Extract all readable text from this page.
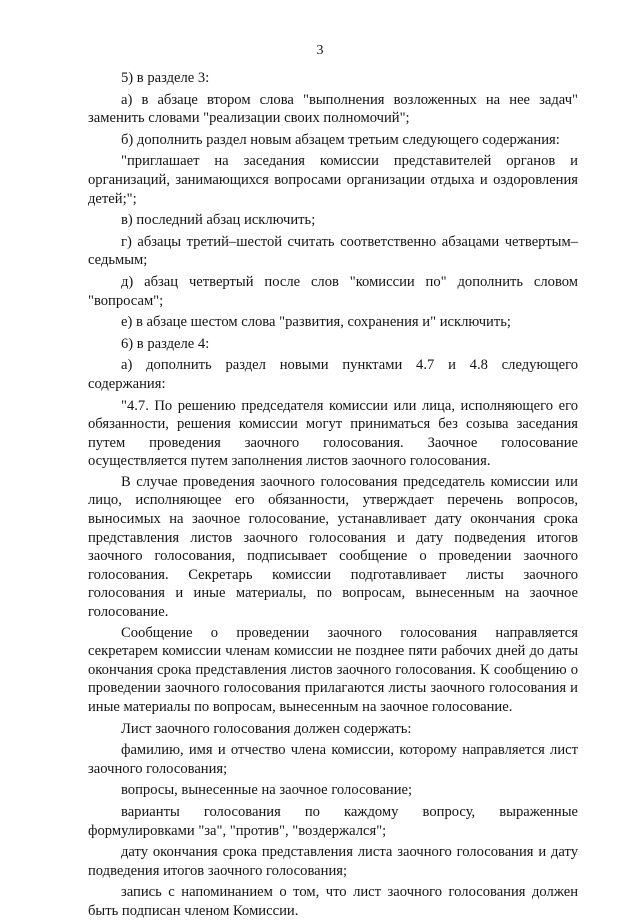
3

5) в разделе 3:

а) в абзаце втором слова "выполнения возложенных на нее задач" заменить словами "реализации своих полномочий";

б) дополнить раздел новым абзацем третьим следующего содержания:

"приглашает на заседания комиссии представителей органов и организаций, занимающихся вопросами организации отдыха и оздоровления детей;";

в) последний абзац исключить;

г) абзацы третий–шестой считать соответственно абзацами четвертым–седьмым;

д) абзац четвертый после слов "комиссии по" дополнить словом "вопросам";

е) в абзаце шестом слова "развития, сохранения и" исключить;

6) в разделе 4:

а) дополнить раздел новыми пунктами 4.7 и 4.8 следующего содержания:

"4.7. По решению председателя комиссии или лица, исполняющего его обязанности, решения комиссии могут приниматься без созыва заседания путем проведения заочного голосования. Заочное голосование осуществляется путем заполнения листов заочного голосования.

В случае проведения заочного голосования председатель комиссии или лицо, исполняющее его обязанности, утверждает перечень вопросов, выносимых на заочное голосование, устанавливает дату окончания срока представления листов заочного голосования и дату подведения итогов заочного голосования, подписывает сообщение о проведении заочного голосования. Секретарь комиссии подготавливает листы заочного голосования и иные материалы, по вопросам, вынесенным на заочное голосование.

Сообщение о проведении заочного голосования направляется секретарем комиссии членам комиссии не позднее пяти рабочих дней до даты окончания срока представления листов заочного голосования. К сообщению о проведении заочного голосования прилагаются листы заочного голосования и иные материалы по вопросам, вынесенным на заочное голосование.

Лист заочного голосования должен содержать:

фамилию, имя и отчество члена комиссии, которому направляется лист заочного голосования;

вопросы, вынесенные на заочное голосование;

варианты голосования по каждому вопросу, выраженные формулировками "за", "против", "воздержался";

дату окончания срока представления листа заочного голосования и дату подведения итогов заочного голосования;

запись с напоминанием о том, что лист заочного голосования должен быть подписан членом Комиссии.
